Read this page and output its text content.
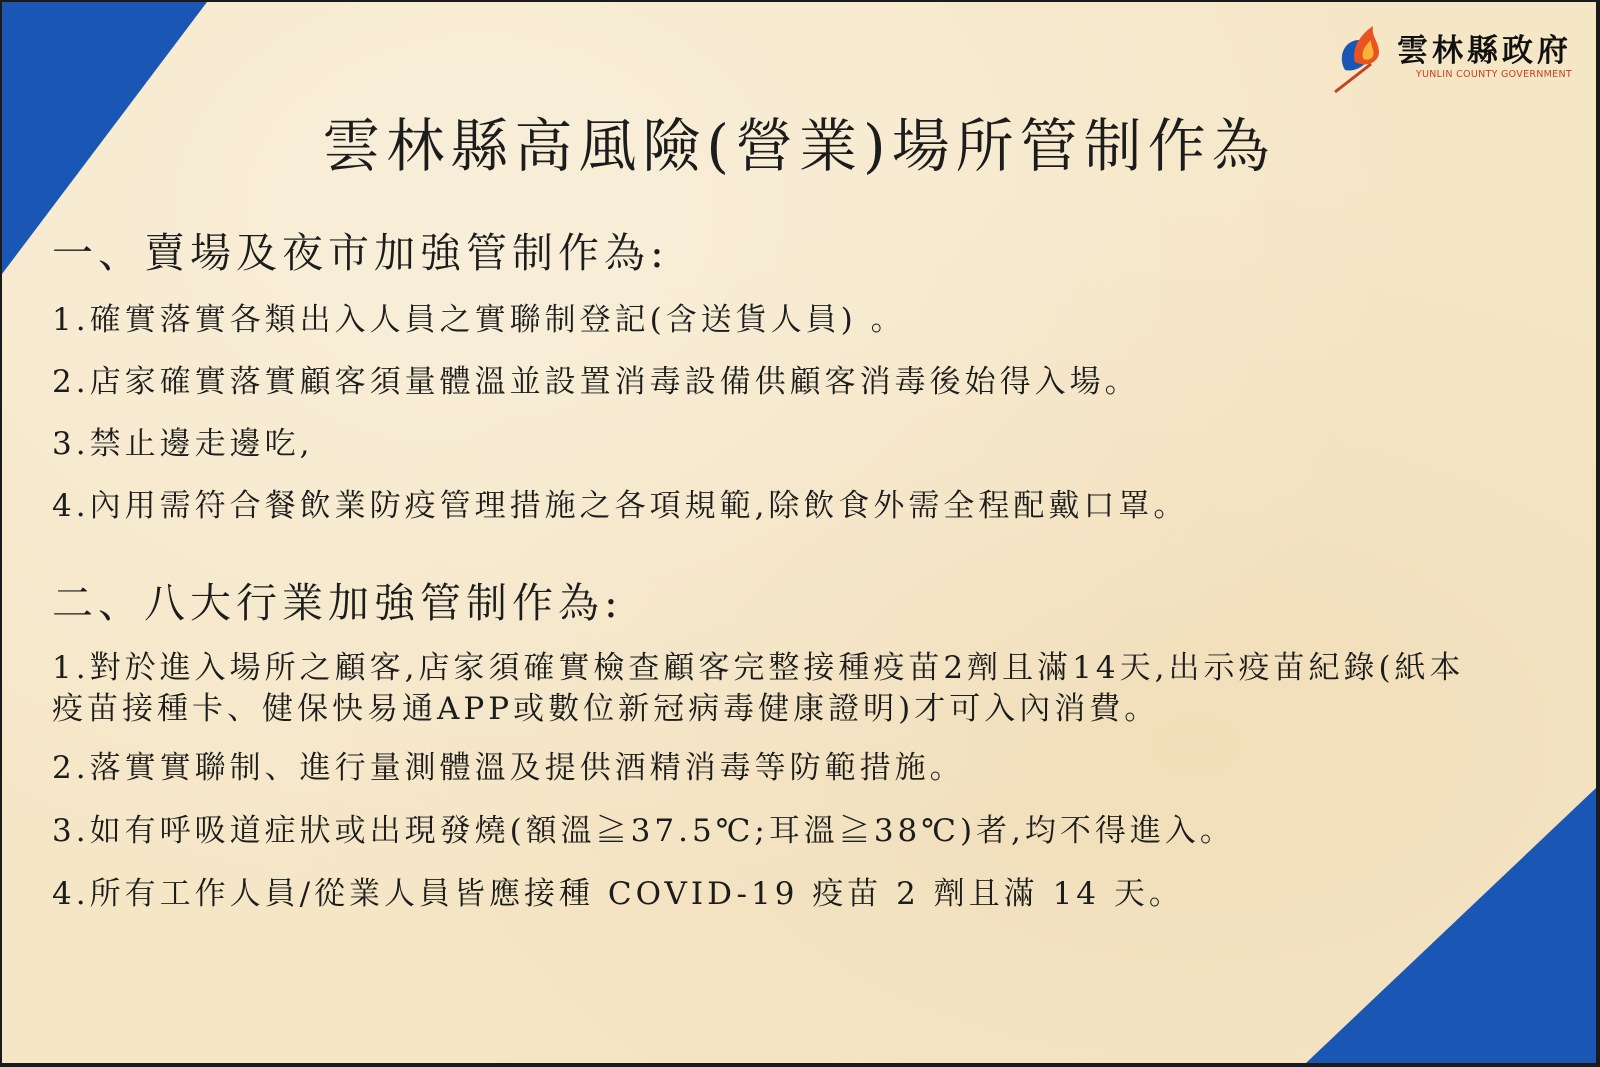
雲林縣政府
YUNLIN COUNTY GOVERNMENT
雲林縣高風險(營業)場所管制作為
一、賣場及夜市加強管制作為:
1.確實落實各類出入人員之實聯制登記(含送貨人員) 。
2.店家確實落實顧客須量體溫並設置消毒設備供顧客消毒後始得入場。
3.禁止邊走邊吃,
4.內用需符合餐飲業防疫管理措施之各項規範,除飲食外需全程配戴口罩。
二、八大行業加強管制作為:
1.對於進入場所之顧客,店家須確實檢查顧客完整接種疫苗2劑且滿14天,出示疫苗紀錄(紙本疫苗接種卡、健保快易通APP或數位新冠病毒健康證明)才可入內消費。
2.落實實聯制、進行量測體溫及提供酒精消毒等防範措施。
3.如有呼吸道症狀或出現發燒(額溫≧37.5℃;耳溫≧38℃)者,均不得進入。
4.所有工作人員/從業人員皆應接種 COVID-19 疫苗 2 劑且滿 14 天。
